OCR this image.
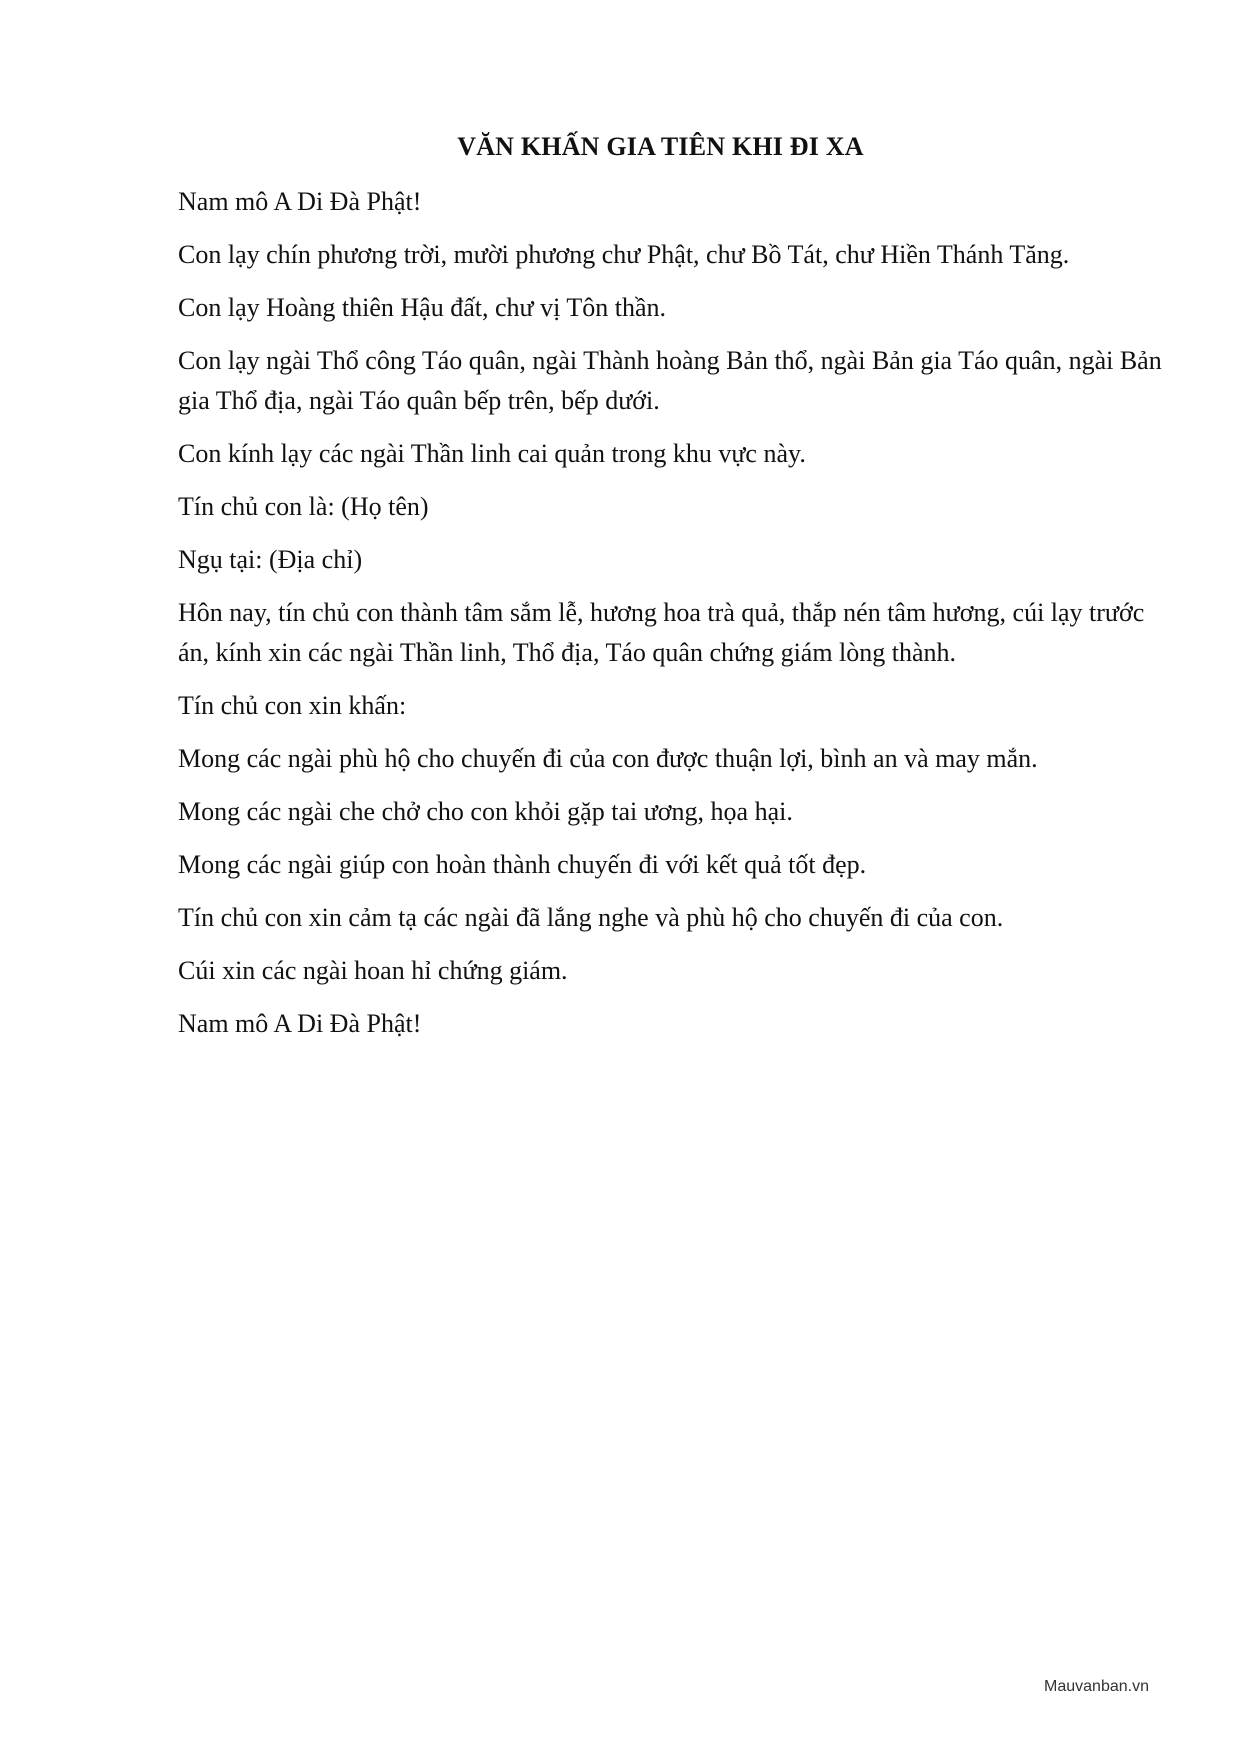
VĂN KHẤN GIA TIÊN KHI ĐI XA

Nam mô A Di Đà Phật!

Con lạy chín phương trời, mười phương chư Phật, chư Bồ Tát, chư Hiền Thánh Tăng.

Con lạy Hoàng thiên Hậu đất, chư vị Tôn thần.

Con lạy ngài Thổ công Táo quân, ngài Thành hoàng Bản thổ, ngài Bản gia Táo quân, ngài Bản gia Thổ địa, ngài Táo quân bếp trên, bếp dưới.

Con kính lạy các ngài Thần linh cai quản trong khu vực này.

Tín chủ con là: (Họ tên)

Ngụ tại: (Địa chỉ)

Hôn nay, tín chủ con thành tâm sắm lễ, hương hoa trà quả, thắp nén tâm hương, cúi lạy trước án, kính xin các ngài Thần linh, Thổ địa, Táo quân chứng giám lòng thành.

Tín chủ con xin khấn:

Mong các ngài phù hộ cho chuyến đi của con được thuận lợi, bình an và may mắn.

Mong các ngài che chở cho con khỏi gặp tai ương, họa hại.

Mong các ngài giúp con hoàn thành chuyến đi với kết quả tốt đẹp.

Tín chủ con xin cảm tạ các ngài đã lắng nghe và phù hộ cho chuyến đi của con.

Cúi xin các ngài hoan hỉ chứng giám.

Nam mô A Di Đà Phật!

Mauvanban.vn
